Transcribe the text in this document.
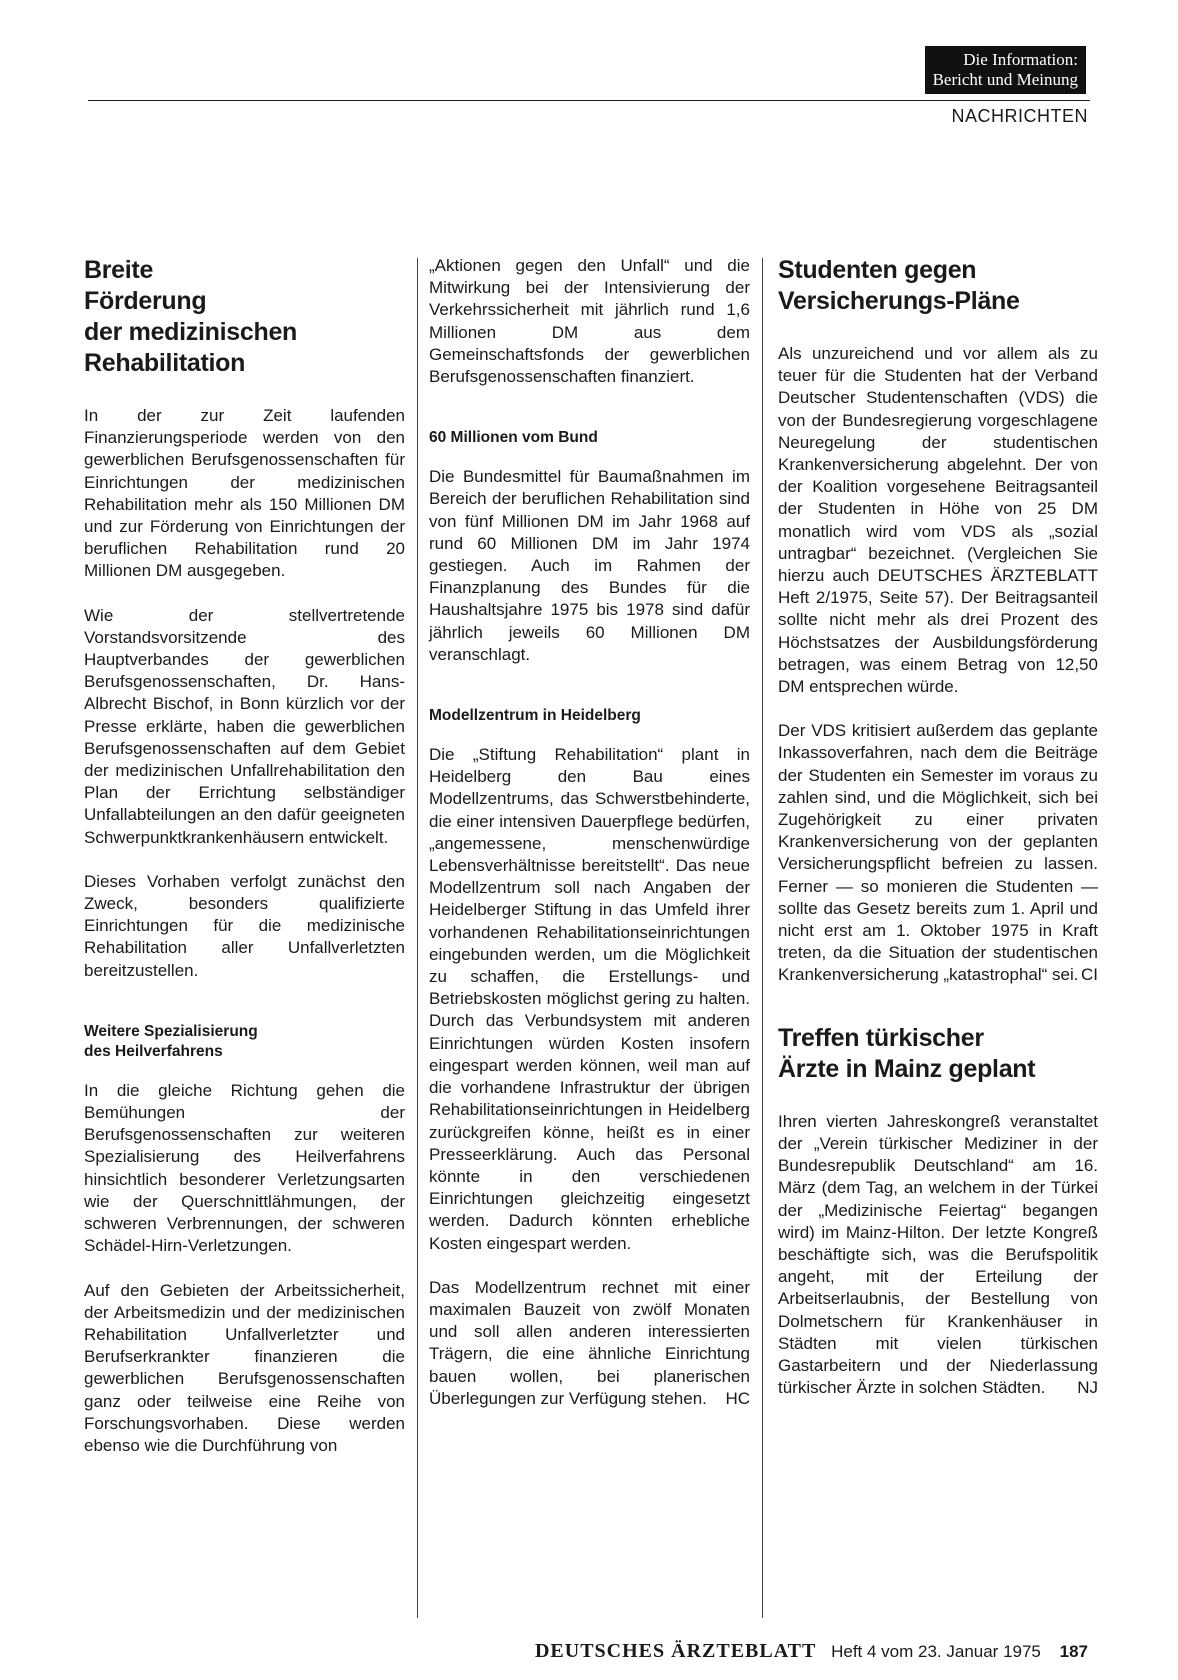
Die Information:
Bericht und Meinung
NACHRICHTEN
Breite
Förderung
der medizinischen
Rehabilitation

In der zur Zeit laufenden Finanzierungsperiode werden von den gewerblichen Berufsgenossenschaften für Einrichtungen der medizinischen Rehabilitation mehr als 150 Millionen DM und zur Förderung von Einrichtungen der beruflichen Rehabilitation rund 20 Millionen DM ausgegeben.

Wie der stellvertretende Vorstandsvorsitzende des Hauptverbandes der gewerblichen Berufsgenossenschaften, Dr. Hans-Albrecht Bischof, in Bonn kürzlich vor der Presse erklärte, haben die gewerblichen Berufsgenossenschaften auf dem Gebiet der medizinischen Unfallrehabilitation den Plan der Errichtung selbständiger Unfallabteilungen an den dafür geeigneten Schwerpunktkrankenhäusern entwickelt.

Dieses Vorhaben verfolgt zunächst den Zweck, besonders qualifizierte Einrichtungen für die medizinische Rehabilitation aller Unfallverletzten bereitzustellen.

Weitere Spezialisierung
des Heilverfahrens

In die gleiche Richtung gehen die Bemühungen der Berufsgenossenschaften zur weiteren Spezialisierung des Heilverfahrens hinsichtlich besonderer Verletzungsarten wie der Querschnittlähmungen, der schweren Verbrennungen, der schweren Schädel-Hirn-Verletzungen.

Auf den Gebieten der Arbeitssicherheit, der Arbeitsmedizin und der medizinischen Rehabilitation Unfallverletzter und Berufserkrankter finanzieren die gewerblichen Berufsgenossenschaften ganz oder teilweise eine Reihe von Forschungsvorhaben. Diese werden ebenso wie die Durchführung von

„Aktionen gegen den Unfall“ und die Mitwirkung bei der Intensivierung der Verkehrssicherheit mit jährlich rund 1,6 Millionen DM aus dem Gemeinschaftsfonds der gewerblichen Berufsgenossenschaften finanziert.

60 Millionen vom Bund

Die Bundesmittel für Baumaßnahmen im Bereich der beruflichen Rehabilitation sind von fünf Millionen DM im Jahr 1968 auf rund 60 Millionen DM im Jahr 1974 gestiegen. Auch im Rahmen der Finanzplanung des Bundes für die Haushaltsjahre 1975 bis 1978 sind dafür jährlich jeweils 60 Millionen DM veranschlagt.

Modellzentrum in Heidelberg

Die „Stiftung Rehabilitation“ plant in Heidelberg den Bau eines Modellzentrums, das Schwerstbehinderte, die einer intensiven Dauerpflege bedürfen, „angemessene, menschenwürdige Lebensverhältnisse bereitstellt“. Das neue Modellzentrum soll nach Angaben der Heidelberger Stiftung in das Umfeld ihrer vorhandenen Rehabilitationseinrichtungen eingebunden werden, um die Möglichkeit zu schaffen, die Erstellungs- und Betriebskosten möglichst gering zu halten. Durch das Verbundsystem mit anderen Einrichtungen würden Kosten insofern eingespart werden können, weil man auf die vorhandene Infrastruktur der übrigen Rehabilitationseinrichtungen in Heidelberg zurückgreifen könne, heißt es in einer Presseerklärung. Auch das Personal könnte in den verschiedenen Einrichtungen gleichzeitig eingesetzt werden. Dadurch könnten erhebliche Kosten eingespart werden.

Das Modellzentrum rechnet mit einer maximalen Bauzeit von zwölf Monaten und soll allen anderen interessierten Trägern, die eine ähnliche Einrichtung bauen wollen, bei planerischen Überlegungen zur Verfügung stehen. HC

Studenten gegen
Versicherungs-Pläne

Als unzureichend und vor allem als zu teuer für die Studenten hat der Verband Deutscher Studentenschaften (VDS) die von der Bundesregierung vorgeschlagene Neuregelung der studentischen Krankenversicherung abgelehnt. Der von der Koalition vorgesehene Beitragsanteil der Studenten in Höhe von 25 DM monatlich wird vom VDS als „sozial untragbar“ bezeichnet. (Vergleichen Sie hierzu auch DEUTSCHES ÄRZTEBLATT Heft 2/1975, Seite 57). Der Beitragsanteil sollte nicht mehr als drei Prozent des Höchstsatzes der Ausbildungsförderung betragen, was einem Betrag von 12,50 DM entsprechen würde.

Der VDS kritisiert außerdem das geplante Inkassoverfahren, nach dem die Beiträge der Studenten ein Semester im voraus zu zahlen sind, und die Möglichkeit, sich bei Zugehörigkeit zu einer privaten Krankenversicherung von der geplanten Versicherungspflicht befreien zu lassen. Ferner — so monieren die Studenten — sollte das Gesetz bereits zum 1. April und nicht erst am 1. Oktober 1975 in Kraft treten, da die Situation der studentischen Krankenversicherung „katastrophal“ sei. CI

Treffen türkischer
Ärzte in Mainz geplant

Ihren vierten Jahreskongreß veranstaltet der „Verein türkischer Mediziner in der Bundesrepublik Deutschland“ am 16. März (dem Tag, an welchem in der Türkei der „Medizinische Feiertag“ begangen wird) im Mainz-Hilton. Der letzte Kongreß beschäftigte sich, was die Berufspolitik angeht, mit der Erteilung der Arbeitserlaubnis, der Bestellung von Dolmetschern für Krankenhäuser in Städten mit vielen türkischen Gastarbeitern und der Niederlassung türkischer Ärzte in solchen Städten. NJ

DEUTSCHES ÄRZTEBLATT Heft 4 vom 23. Januar 1975 187
